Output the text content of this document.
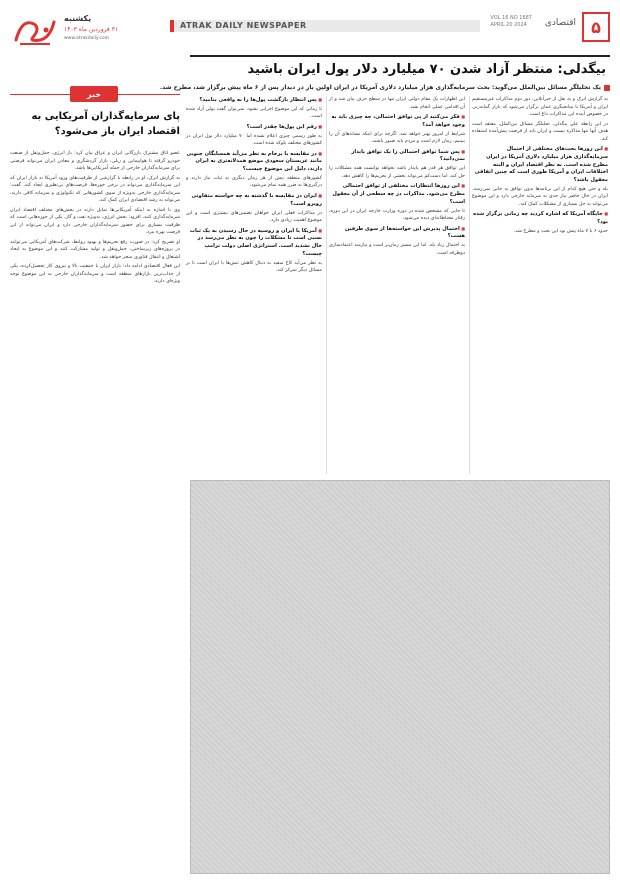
۵
اقتصادی
VOL 16 NO 1687
APRIL 20 2024
ATRAK DAILY NEWSPAPER
یکشنبه
۳۱ فروردین ماه ۱۴۰۳
www.atrakdaily.com
خبر
پای سرمایه‌گذاران آمریکایی به اقتصاد ایران باز می‌شود؟

عضو اتاق مشترک بازرگانی ایران و عراق بیان کرد: باز انرژی، حمل‌ونقل از صنعت خودرو گرفته تا هواپیمایی و ریلی، بازار گردشگری و معادن ایران می‌تواند فرصتی برای سرمایه‌گذاران خارجی از جمله آمریکایی‌ها باشد.

به گزارش اترک، او در رابطه با گزارشی از ظرفیت‌های ورود آمریکا به بازار ایران که این سرمایه‌گذاری می‌تواند در برخی حوزه‌ها، فرصت‌های بی‌نظیری ایجاد کند، گفت: سرمایه‌گذاری خارجی به‌ویژه از سوی کشورهایی که تکنولوژی و سرمایه کافی دارند، می‌تواند به رشد اقتصادی ایران کمک کند.

وی با اشاره به اینکه آمریکایی‌ها تمایل دارند در بخش‌های مختلف اقتصاد ایران سرمایه‌گذاری کنند، افزود: بخش انرژی، به‌ویژه نفت و گاز، یکی از حوزه‌هایی است که ظرفیت بسیاری برای حضور سرمایه‌گذاران خارجی دارد و ایران می‌تواند از این فرصت بهره ببرد.

او تصریح کرد: در صورت رفع تحریم‌ها و بهبود روابط، شرکت‌های آمریکایی می‌توانند در پروژه‌های زیرساختی، حمل‌ونقل و تولید مشارکت کنند و این موضوع به ایجاد اشتغال و انتقال فناوری منجر خواهد شد.

این فعال اقتصادی ادامه داد: بازار ایران با جمعیت بالا و نیروی کار تحصیل‌کرده، یکی از جذاب‌ترین بازارهای منطقه است و سرمایه‌گذاران خارجی به این موضوع توجه ویژه‌ای دارند.

بیگدلی: منتظر آزاد شدن ۷۰ میلیارد دلار پول ایران باشید
یک تحلیلگر مسائل بین‌الملل می‌گوید: بحث سرمایه‌گذاری هزار میلیارد دلاری آمریکا در ایران اولین بار در دیدار پس از ۶ ماه پیش برگزار شد، مطرح شد.

به گزارش اترک و به نقل از خبرآنلاین، دور دوم مذاکرات غیرمستقیم ایران و آمریکا با میانجیگری عمان برگزار می‌شود که بازار گمانه‌زنی در خصوص آینده این مذاکرات داغ است.

در این رابطه علی بیگدلی، تحلیلگر مسائل بین‌الملل، معتقد است هدف آنها تنها مذاکره نیست و ایران باید از فرصت پیش‌آمده استفاده کند.

■ این روزها بحث‌های مختلفی از احتمال سرمایه‌گذاری هزار میلیارد دلاری آمریکا در ایران مطرح شده است. به نظر اقتصاد ایران و البته اختلافات ایران و آمریکا طوری است که چنین اتفاقی معقول باشد؟

بله و حتی هیچ کدام از این برنامه‌ها بدون توافق به جایی نمی‌رسد. ایران در حال حاضر نیاز جدی به سرمایه خارجی دارد و این موضوع می‌تواند به حل بسیاری از مشکلات کمک کند.

■ جایگاه آمریکا که اشاره کردید چه زمانی برگزار شده بود؟

حدود ۶ یا ۷ ماه پیش بود این بحث و مطرح شد.

این اظهارات یک مقام دولتی ایران تنها در سطح حرف بیان شد و از آن اقدامی عملی انجام نشد.

■ فکر می‌کنید از پی توافق احتمالی، چه چیزی باید به وجود خواهد آمد؟

شرایط از امروز بهتر خواهد شد. اگرچه برای اینکه نشانه‌های آن را ببینیم، زمان لازم است و مردم باید صبور باشند.

■ پس شما توافق احتمالی را یک توافق پایدار نمی‌دانید؟

این توافق هر قدر هم پایدار باشد نخواهد توانست همه مشکلات را حل کند، اما دست‌کم می‌تواند بخشی از تحریم‌ها را کاهش دهد.

■ این روزها انتظارات مختلفی از توافق احتمالی مطرح می‌شود. مذاکرات در چه سطحی از آن معقول است؟

تا جایی که مشخص شده در دوره وزارت خارجه ایران در این دوره، رفتار محتاطانه‌ای دیده می‌شود.

■ احتمال پذیرش این خواسته‌ها از سوی طرفین هست؟

به احتمال زیاد بله. اما این مسیر زمان‌بر است و نیازمند اعتمادسازی دوطرفه است.

■ پس انتظار بازگشت پول‌ها را به واقعی بنامید؟

تا زمانی که این موضوع اجرایی نشود، نمی‌توان گفت پولی آزاد شده است.

■ رقم این پول‌ها چقدر است؟

به طور رسمی چیزی اعلام نشده اما ۷۰ میلیارد دلار پول ایران در کشورهای مختلف بلوکه شده است.

■ در مقایسه با برجام به نظر می‌آید همسایگان جنوبی مانند عربستان سعودی موضع همدلانه‌تری به ایران دارند، دلیل این موضوع چیست؟

کشورهای منطقه بیش از هر زمان دیگری به ثبات نیاز دارند و درگیری‌ها به ضرر همه تمام می‌شود.

■ ایران در مقایسه با گذشته به چه خواسته متفاوتی روبرو است؟

در مذاکرات فعلی ایران خواهان تضمین‌های بیشتری است و این موضوع اهمیت زیادی دارد.

■ آمریکا با ایران و روسیه در حال رسیدن به یک ثبات نسبی است تا مشکلات را چون به نظر می‌رسد در حال تشدید است. استراتژی اصلی دولت ترامپ چیست؟

به نظر می‌آید کاخ سفید به دنبال کاهش تنش‌ها با ایران است تا بر مسائل دیگر تمرکز کند.
